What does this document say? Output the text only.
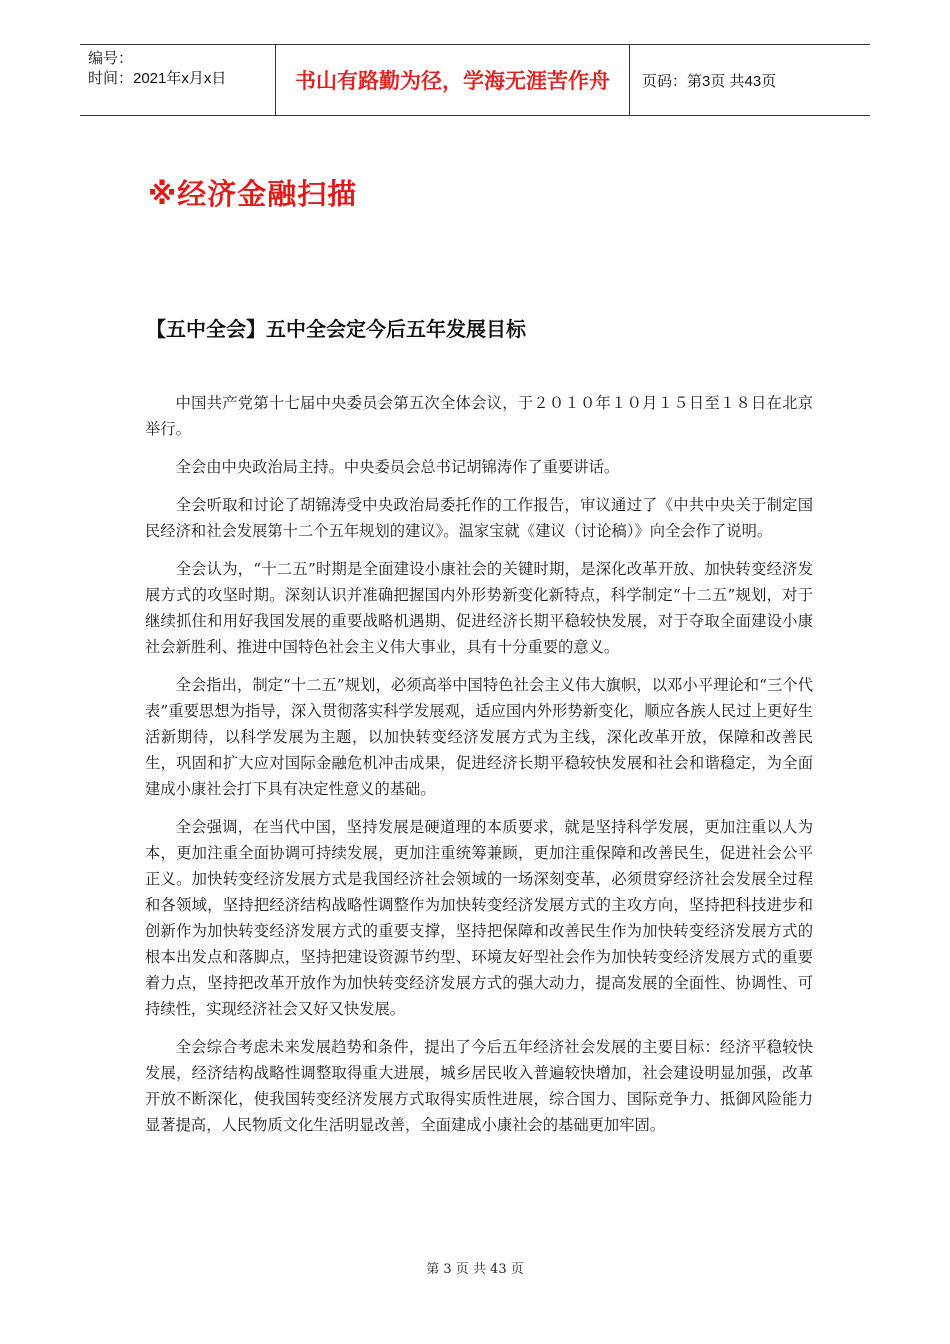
编号：
时间：2021年x月x日	书山有路勤为径，学海无涯苦作舟	页码：第3页 共43页
※经济金融扫描
【五中全会】五中全会定今后五年发展目标

中国共产党第十七届中央委员会第五次全体会议，于２０１０年１０月１５日至１８日在北京举行。

全会由中央政治局主持。中央委员会总书记胡锦涛作了重要讲话。

全会听取和讨论了胡锦涛受中央政治局委托作的工作报告，审议通过了《中共中央关于制定国民经济和社会发展第十二个五年规划的建议》。温家宝就《建议（讨论稿）》向全会作了说明。

全会认为，“十二五”时期是全面建设小康社会的关键时期，是深化改革开放、加快转变经济发展方式的攻坚时期。深刻认识并准确把握国内外形势新变化新特点，科学制定“十二五”规划，对于继续抓住和用好我国发展的重要战略机遇期、促进经济长期平稳较快发展，对于夺取全面建设小康社会新胜利、推进中国特色社会主义伟大事业，具有十分重要的意义。

全会指出，制定“十二五”规划，必须高举中国特色社会主义伟大旗帜，以邓小平理论和“三个代表”重要思想为指导，深入贯彻落实科学发展观，适应国内外形势新变化，顺应各族人民过上更好生活新期待，以科学发展为主题，以加快转变经济发展方式为主线，深化改革开放，保障和改善民生，巩固和扩大应对国际金融危机冲击成果，促进经济长期平稳较快发展和社会和谐稳定，为全面建成小康社会打下具有决定性意义的基础。

全会强调，在当代中国，坚持发展是硬道理的本质要求，就是坚持科学发展，更加注重以人为本，更加注重全面协调可持续发展，更加注重统筹兼顾，更加注重保障和改善民生，促进社会公平正义。加快转变经济发展方式是我国经济社会领域的一场深刻变革，必须贯穿经济社会发展全过程和各领域，坚持把经济结构战略性调整作为加快转变经济发展方式的主攻方向，坚持把科技进步和创新作为加快转变经济发展方式的重要支撑，坚持把保障和改善民生作为加快转变经济发展方式的根本出发点和落脚点，坚持把建设资源节约型、环境友好型社会作为加快转变经济发展方式的重要着力点，坚持把改革开放作为加快转变经济发展方式的强大动力，提高发展的全面性、协调性、可持续性，实现经济社会又好又快发展。

全会综合考虑未来发展趋势和条件，提出了今后五年经济社会发展的主要目标：经济平稳较快发展，经济结构战略性调整取得重大进展，城乡居民收入普遍较快增加，社会建设明显加强，改革开放不断深化，使我国转变经济发展方式取得实质性进展，综合国力、国际竞争力、抵御风险能力显著提高，人民物质文化生活明显改善，全面建成小康社会的基础更加牢固。

第 3 页 共 43 页
